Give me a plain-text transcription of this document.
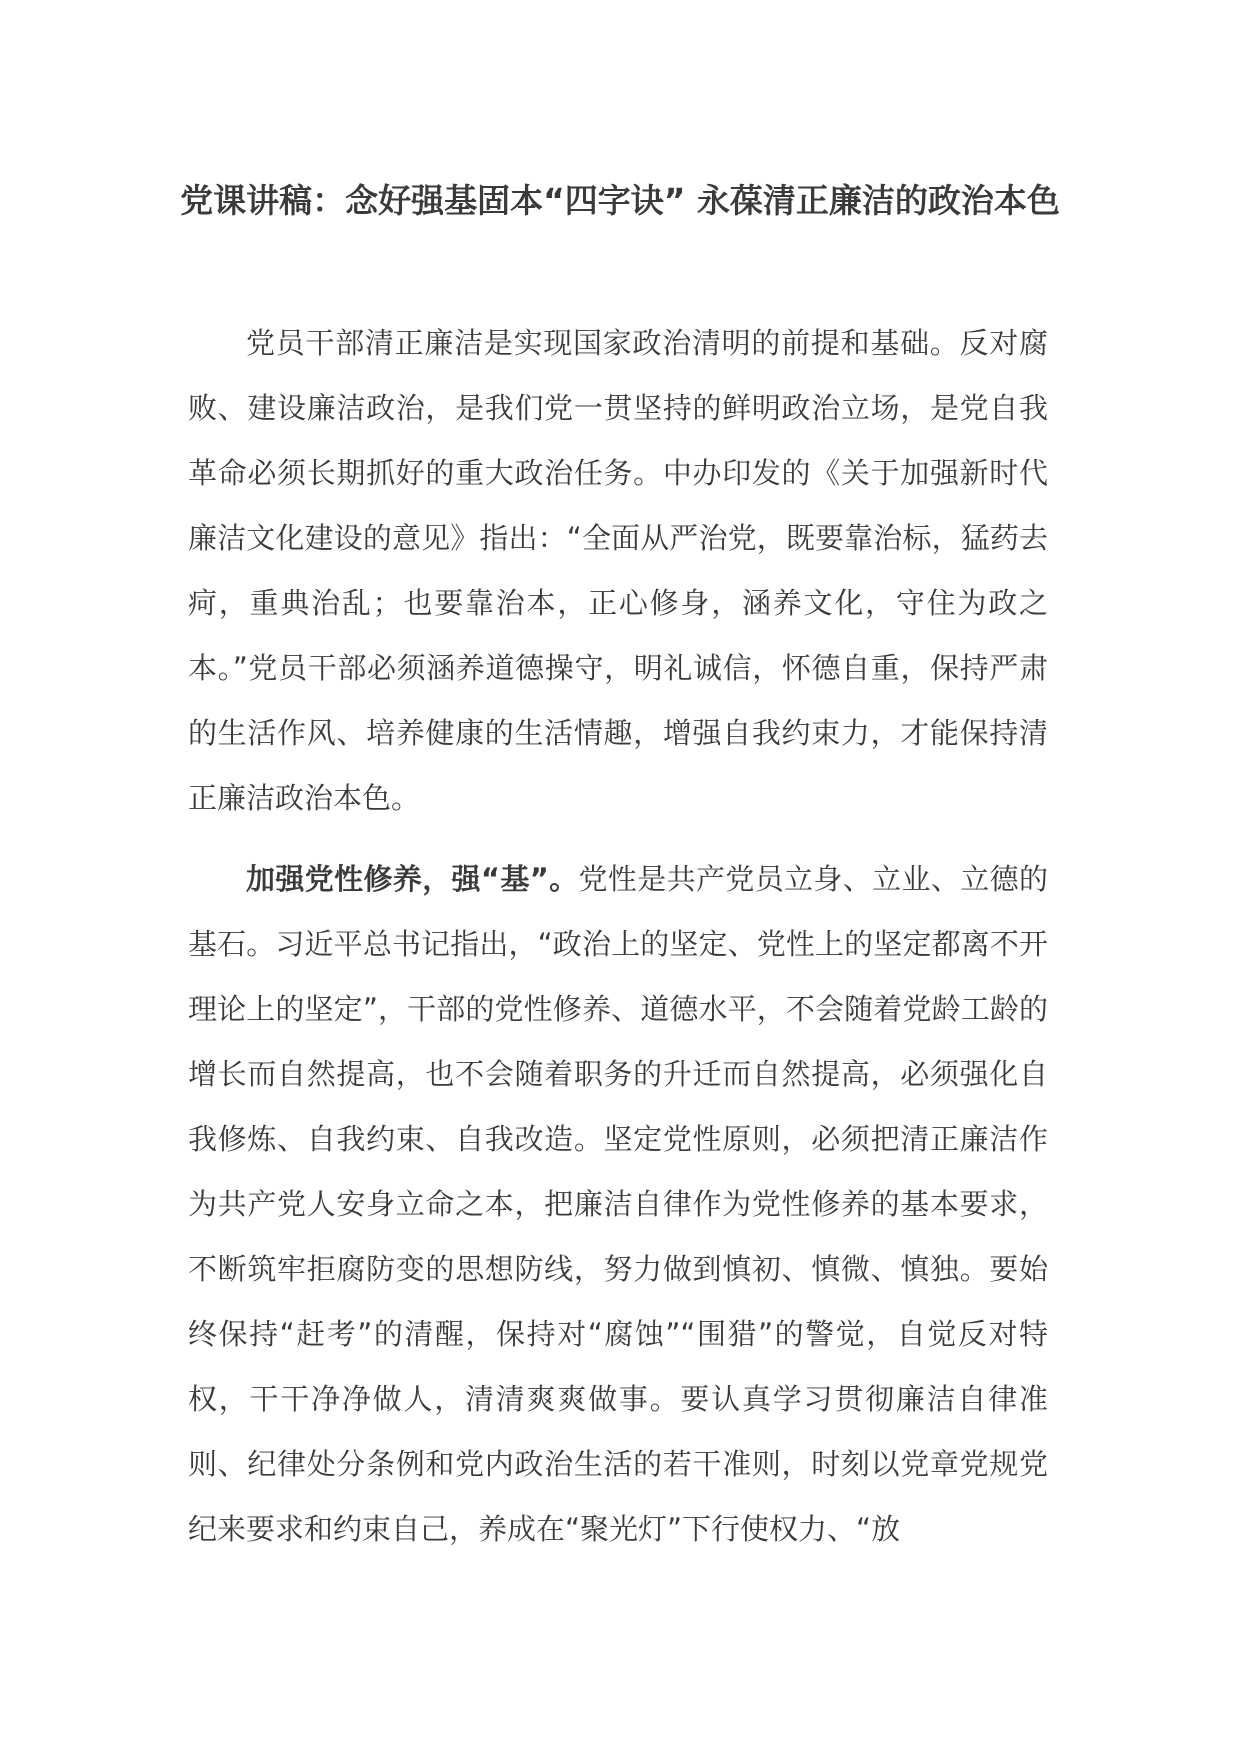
党课讲稿：念好强基固本“四字诀” 永葆清正廉洁的政治本色

党员干部清正廉洁是实现国家政治清明的前提和基础。反对腐败、建设廉洁政治，是我们党一贯坚持的鲜明政治立场，是党自我革命必须长期抓好的重大政治任务。中办印发的《关于加强新时代廉洁文化建设的意见》指出：“全面从严治党，既要靠治标，猛药去疴，重典治乱；也要靠治本，正心修身，涵养文化，守住为政之本。”党员干部必须涵养道德操守，明礼诚信，怀德自重，保持严肃的生活作风、培养健康的生活情趣，增强自我约束力，才能保持清正廉洁政治本色。

加强党性修养，强“基”。党性是共产党员立身、立业、立德的基石。习近平总书记指出，“政治上的坚定、党性上的坚定都离不开理论上的坚定”，干部的党性修养、道德水平，不会随着党龄工龄的增长而自然提高，也不会随着职务的升迁而自然提高，必须强化自我修炼、自我约束、自我改造。坚定党性原则，必须把清正廉洁作为共产党人安身立命之本，把廉洁自律作为党性修养的基本要求，不断筑牢拒腐防变的思想防线，努力做到慎初、慎微、慎独。要始终保持“赶考”的清醒，保持对“腐蚀”“围猎”的警觉，自觉反对特权，干干净净做人，清清爽爽做事。要认真学习贯彻廉洁自律准则、纪律处分条例和党内政治生活的若干准则，时刻以党章党规党纪来要求和约束自己，养成在“聚光灯”下行使权力、“放
